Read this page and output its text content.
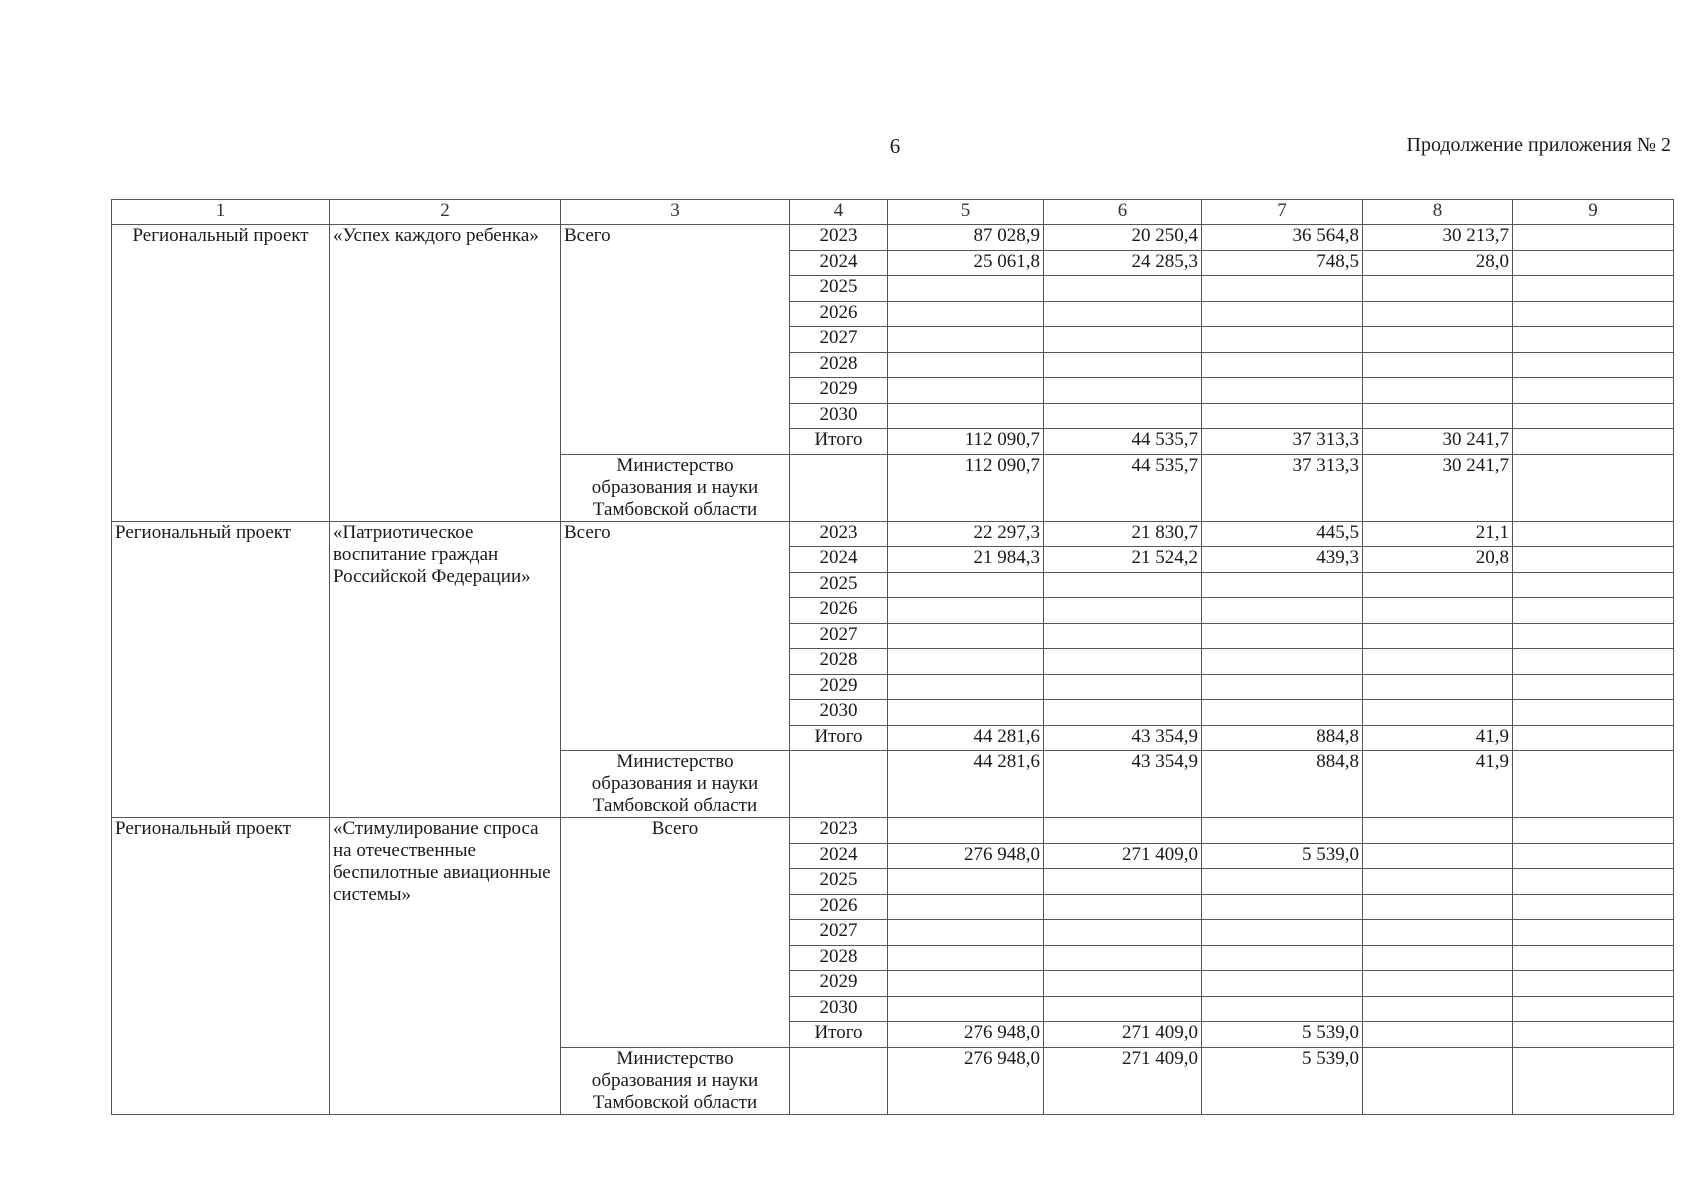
6	Продолжение приложения № 2
1	2	3	4	5	6	7	8	9
Региональный проект	«Успех каждого ребенка»	Всего	2023	87 028,9	20 250,4	36 564,8	30 213,7	
			2024	25 061,8	24 285,3	748,5	28,0	
			2025					
			2026					
			2027					
			2028					
			2029					
			2030					
			Итого	112 090,7	44 535,7	37 313,3	30 241,7	
		Министерство образования и науки Тамбовской области		112 090,7	44 535,7	37 313,3	30 241,7	
Региональный проект	«Патриотическое воспитание граждан Российской Федерации»	Всего	2023	22 297,3	21 830,7	445,5	21,1	
			2024	21 984,3	21 524,2	439,3	20,8	
			2025					
			2026					
			2027					
			2028					
			2029					
			2030					
			Итого	44 281,6	43 354,9	884,8	41,9	
		Министерство образования и науки Тамбовской области		44 281,6	43 354,9	884,8	41,9	
Региональный проект	«Стимулирование спроса на отечественные беспилотные авиационные системы»	Всего	2023					
			2024	276 948,0	271 409,0	5 539,0		
			2025					
			2026					
			2027					
			2028					
			2029					
			2030					
			Итого	276 948,0	271 409,0	5 539,0		
		Министерство образования и науки Тамбовской области		276 948,0	271 409,0	5 539,0		
